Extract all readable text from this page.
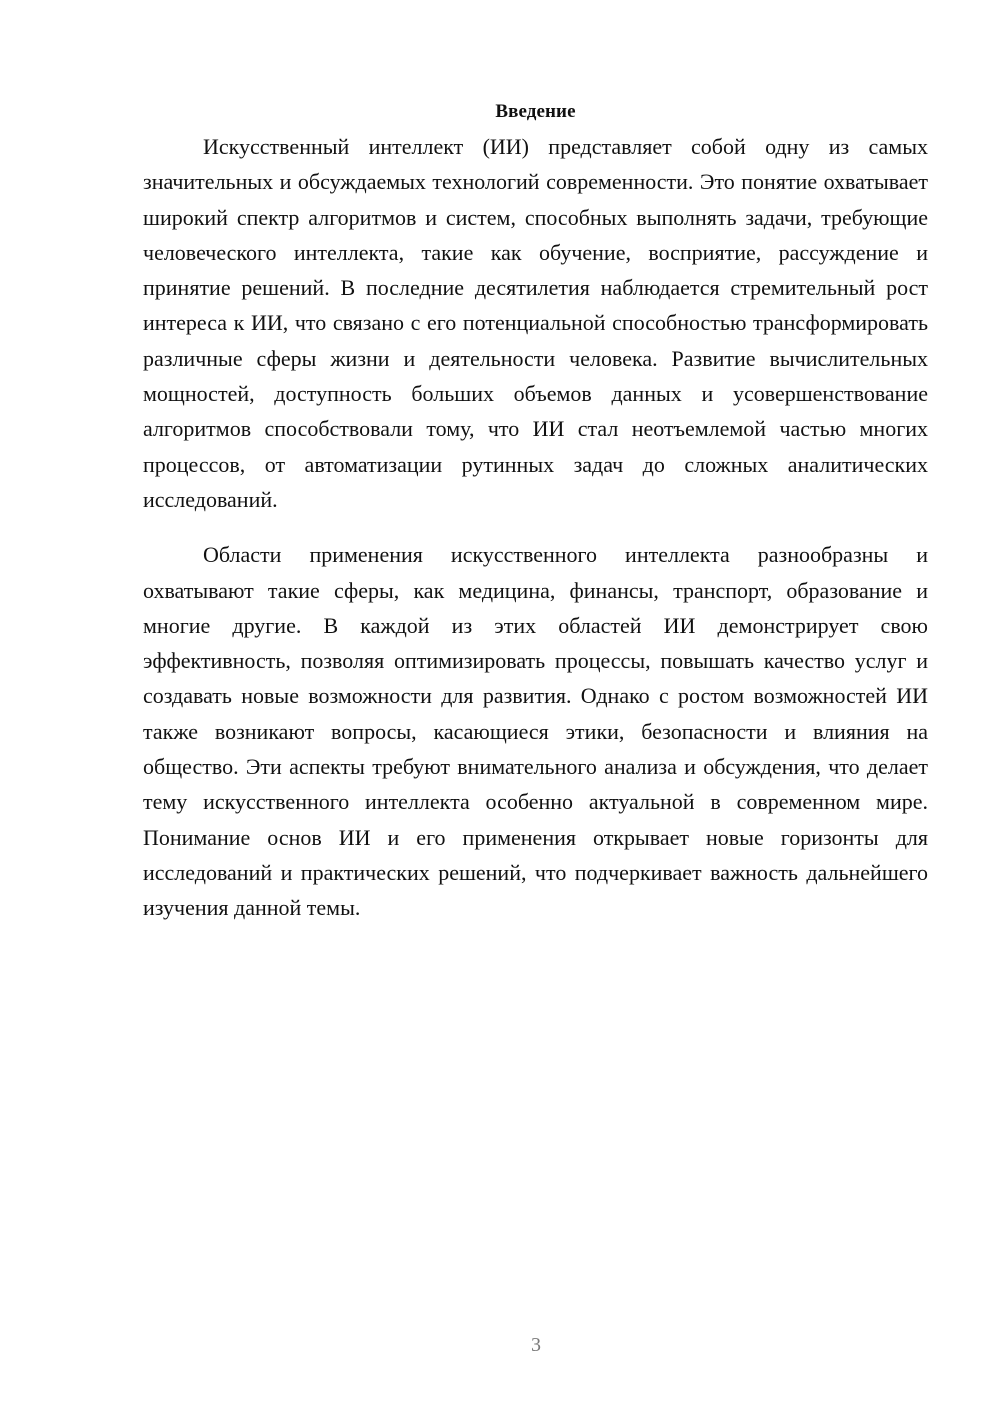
Введение

Искусственный интеллект (ИИ) представляет собой одну из самых значительных и обсуждаемых технологий современности. Это понятие охватывает широкий спектр алгоритмов и систем, способных выполнять задачи, требующие человеческого интеллекта, такие как обучение, восприятие, рассуждение и принятие решений. В последние десятилетия наблюдается стремительный рост интереса к ИИ, что связано с его потенциальной способностью трансформировать различные сферы жизни и деятельности человека. Развитие вычислительных мощностей, доступность больших объемов данных и усовершенствование алгоритмов способствовали тому, что ИИ стал неотъемлемой частью многих процессов, от автоматизации рутинных задач до сложных аналитических исследований.

Области применения искусственного интеллекта разнообразны и охватывают такие сферы, как медицина, финансы, транспорт, образование и многие другие. В каждой из этих областей ИИ демонстрирует свою эффективность, позволяя оптимизировать процессы, повышать качество услуг и создавать новые возможности для развития. Однако с ростом возможностей ИИ также возникают вопросы, касающиеся этики, безопасности и влияния на общество. Эти аспекты требуют внимательного анализа и обсуждения, что делает тему искусственного интеллекта особенно актуальной в современном мире. Понимание основ ИИ и его применения открывает новые горизонты для исследований и практических решений, что подчеркивает важность дальнейшего изучения данной темы.

3
